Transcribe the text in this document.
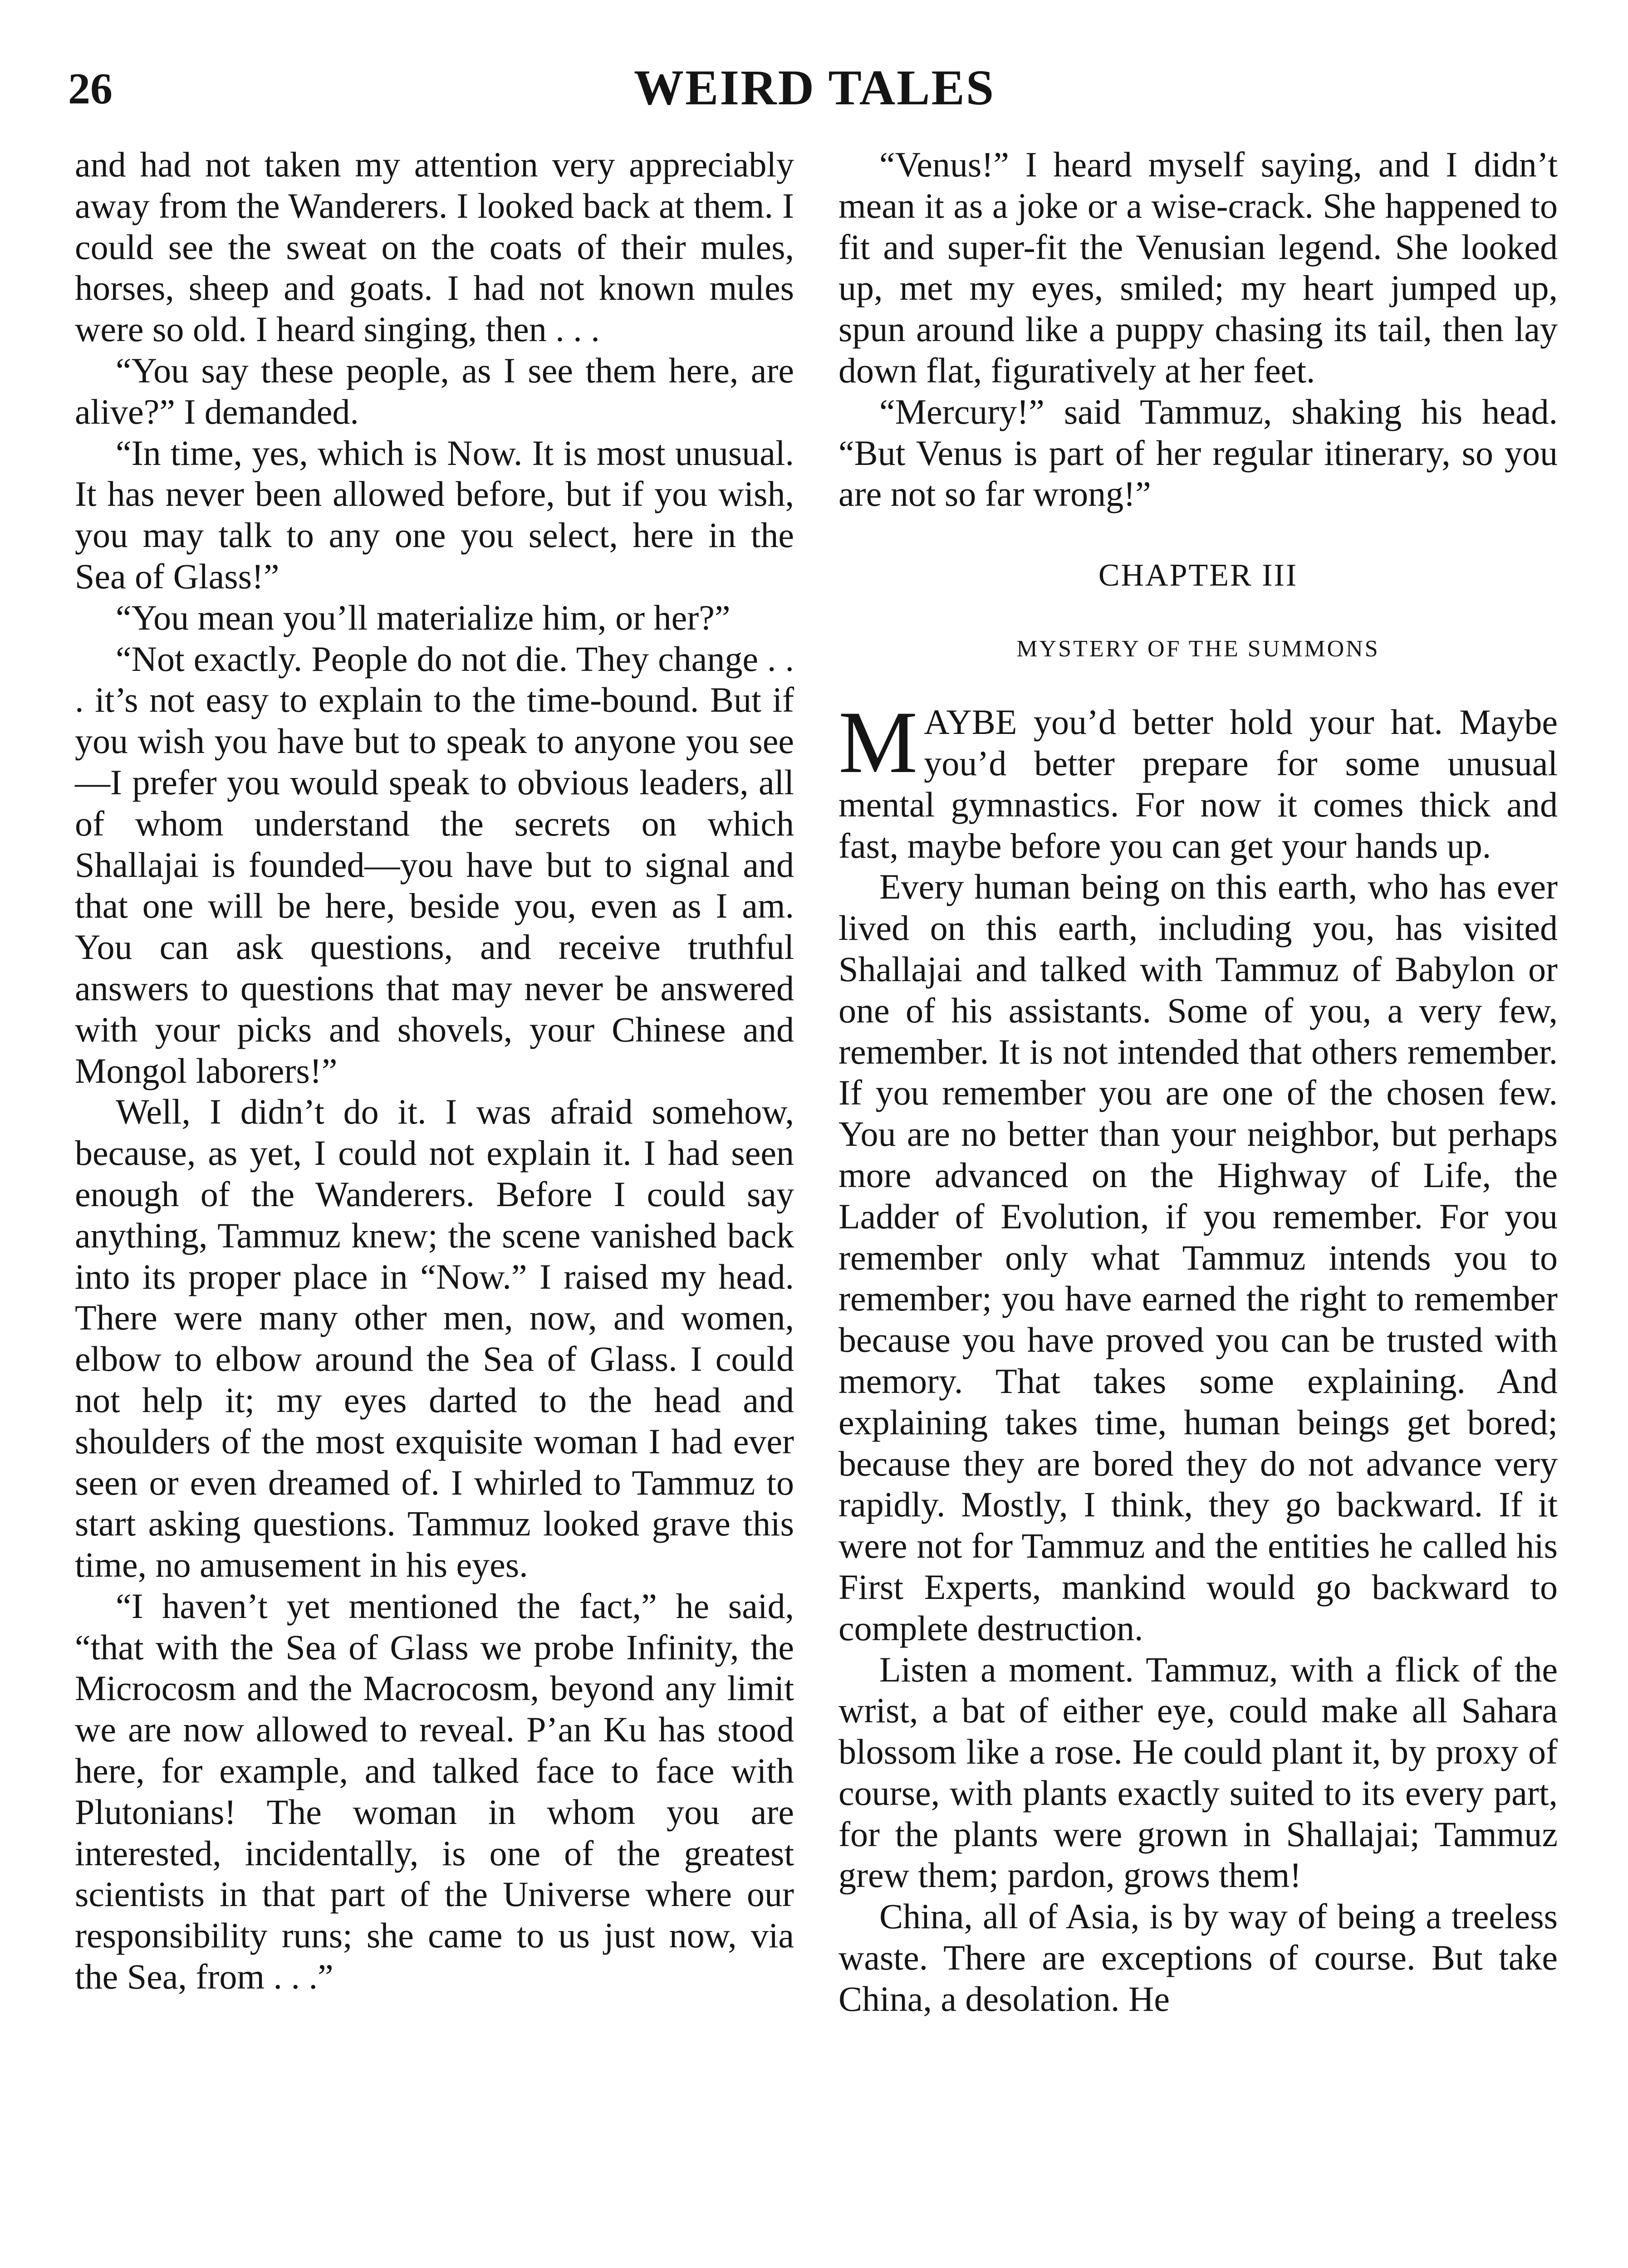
26	WEIRD TALES

and had not taken my attention very appreciably away from the Wanderers. I looked back at them. I could see the sweat on the coats of their mules, horses, sheep and goats. I had not known mules were so old. I heard singing, then . . .

“You say these people, as I see them here, are alive?” I demanded.

“In time, yes, which is Now. It is most unusual. It has never been allowed before, but if you wish, you may talk to any one you select, here in the Sea of Glass!”

“You mean you’ll materialize him, or her?”

“Not exactly. People do not die. They change . . . it’s not easy to explain to the time-bound. But if you wish you have but to speak to anyone you see—I prefer you would speak to obvious leaders, all of whom understand the secrets on which Shallajai is founded—you have but to signal and that one will be here, beside you, even as I am. You can ask questions, and receive truthful answers to questions that may never be answered with your picks and shovels, your Chinese and Mongol laborers!”

Well, I didn’t do it. I was afraid somehow, because, as yet, I could not explain it. I had seen enough of the Wanderers. Before I could say anything, Tammuz knew; the scene vanished back into its proper place in “Now.” I raised my head. There were many other men, now, and women, elbow to elbow around the Sea of Glass. I could not help it; my eyes darted to the head and shoulders of the most exquisite woman I had ever seen or even dreamed of. I whirled to Tammuz to start asking questions. Tammuz looked grave this time, no amusement in his eyes.

“I haven’t yet mentioned the fact,” he said, “that with the Sea of Glass we probe Infinity, the Microcosm and the Macrocosm, beyond any limit we are now allowed to reveal. P’an Ku has stood here, for example, and talked face to face with Plutonians! The woman in whom you are interested, incidentally, is one of the greatest scientists in that part of the Universe where our responsibility runs; she came to us just now, via the Sea, from . . .”

“Venus!” I heard myself saying, and I didn’t mean it as a joke or a wise-crack. She happened to fit and super-fit the Venusian legend. She looked up, met my eyes, smiled; my heart jumped up, spun around like a puppy chasing its tail, then lay down flat, figuratively at her feet.

“Mercury!” said Tammuz, shaking his head. “But Venus is part of her regular itinerary, so you are not so far wrong!”

CHAPTER III
MYSTERY OF THE SUMMONS

MAYBE you’d better hold your hat. Maybe you’d better prepare for some unusual mental gymnastics. For now it comes thick and fast, maybe before you can get your hands up.

Every human being on this earth, who has ever lived on this earth, including you, has visited Shallajai and talked with Tammuz of Babylon or one of his assistants. Some of you, a very few, remember. It is not intended that others remember. If you remember you are one of the chosen few. You are no better than your neighbor, but perhaps more advanced on the Highway of Life, the Ladder of Evolution, if you remember. For you remember only what Tammuz intends you to remember; you have earned the right to remember because you have proved you can be trusted with memory. That takes some explaining. And explaining takes time, human beings get bored; because they are bored they do not advance very rapidly. Mostly, I think, they go backward. If it were not for Tammuz and the entities he called his First Experts, mankind would go backward to complete destruction.

Listen a moment. Tammuz, with a flick of the wrist, a bat of either eye, could make all Sahara blossom like a rose. He could plant it, by proxy of course, with plants exactly suited to its every part, for the plants were grown in Shallajai; Tammuz grew them; pardon, grows them!

China, all of Asia, is by way of being a treeless waste. There are exceptions of course. But take China, a desolation. He
